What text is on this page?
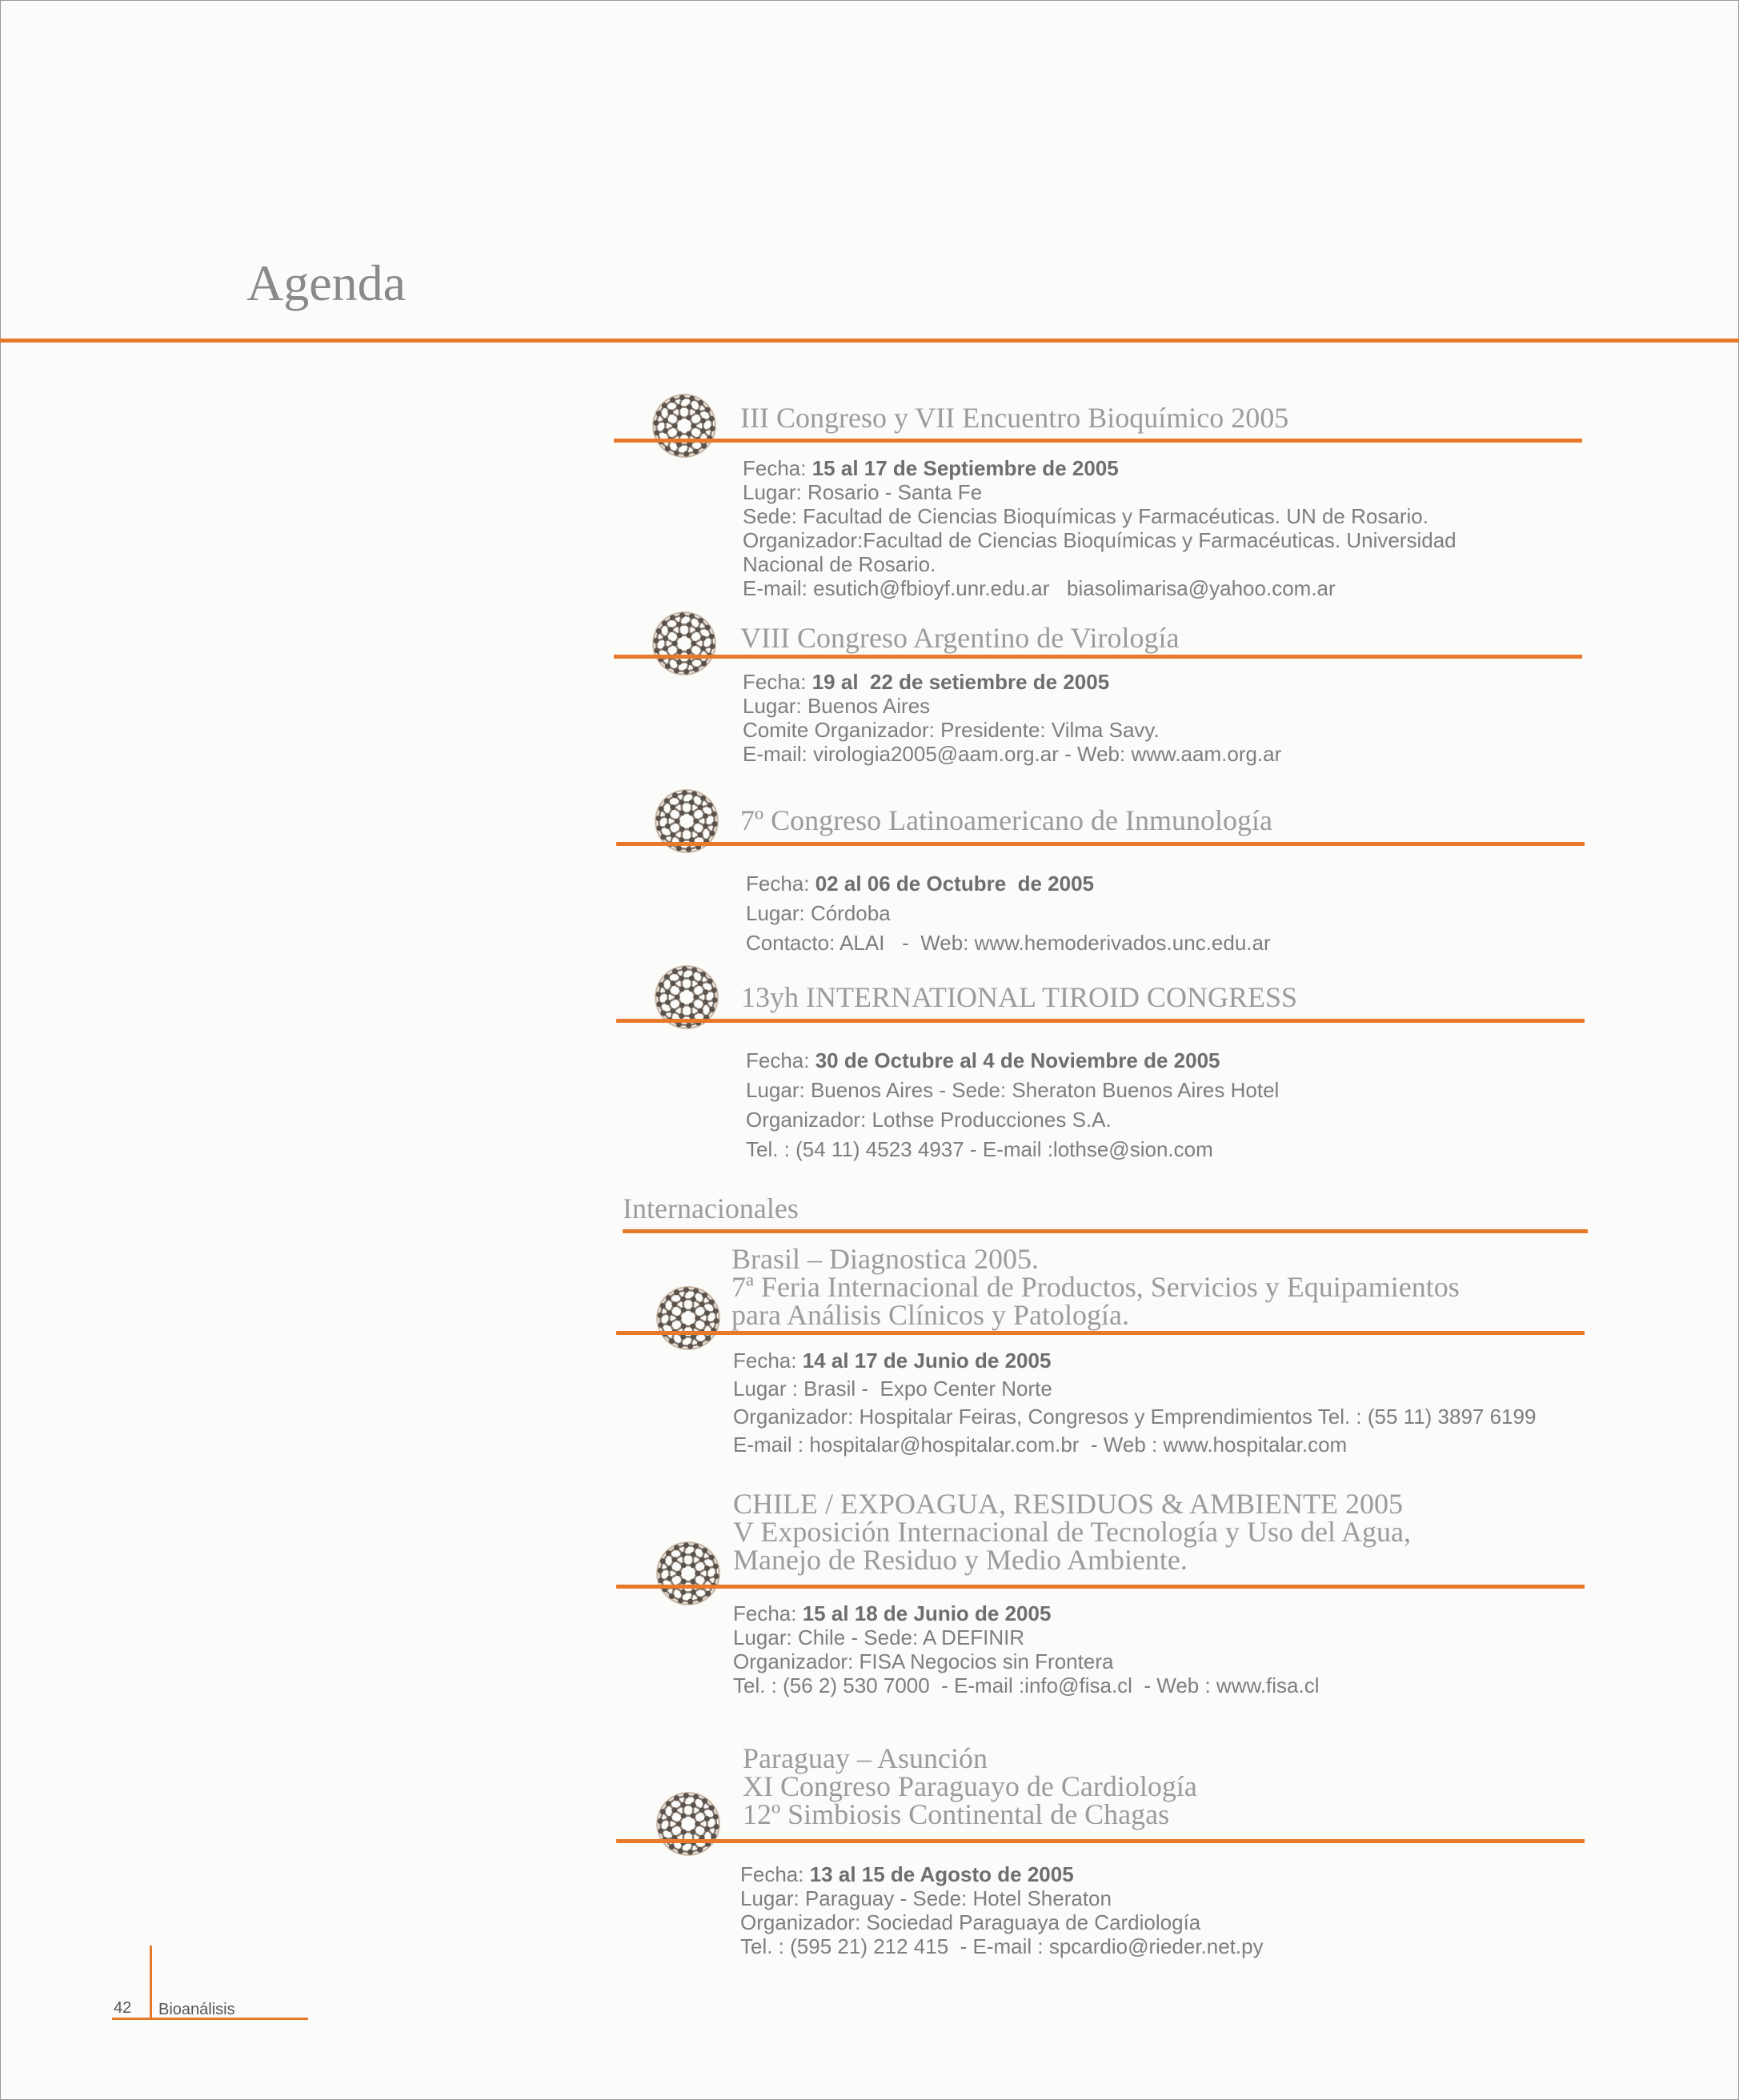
Agenda
III Congreso y VII Encuentro Bioquímico 2005
Fecha: 15 al 17 de Septiembre de 2005
Lugar: Rosario - Santa Fe
Sede: Facultad de Ciencias Bioquímicas y Farmacéuticas. UN de Rosario.
Organizador:Facultad de Ciencias Bioquímicas y Farmacéuticas. Universidad
Nacional de Rosario.
E-mail: esutich@fbioyf.unr.edu.ar   biasolimarisa@yahoo.com.ar
VIII Congreso Argentino de Virología
Fecha: 19 al  22 de setiembre de 2005
Lugar: Buenos Aires
Comite Organizador: Presidente: Vilma Savy.
E-mail: virologia2005@aam.org.ar - Web: www.aam.org.ar
7º Congreso Latinoamericano de Inmunología
Fecha: 02 al 06 de Octubre  de 2005
Lugar: Córdoba
Contacto: ALAI   -  Web: www.hemoderivados.unc.edu.ar
13yh INTERNATIONAL TIROID CONGRESS
Fecha: 30 de Octubre al 4 de Noviembre de 2005
Lugar: Buenos Aires - Sede: Sheraton Buenos Aires Hotel
Organizador: Lothse Producciones S.A.
Tel. : (54 11) 4523 4937 - E-mail :lothse@sion.com
Internacionales
Brasil – Diagnostica 2005.
7ª Feria Internacional de Productos, Servicios y Equipamientos
para Análisis Clínicos y Patología.
Fecha: 14 al 17 de Junio de 2005
Lugar : Brasil -  Expo Center Norte
Organizador: Hospitalar Feiras, Congresos y Emprendimientos Tel. : (55 11) 3897 6199
E-mail : hospitalar@hospitalar.com.br  - Web : www.hospitalar.com
CHILE / EXPOAGUA, RESIDUOS & AMBIENTE 2005
V Exposición Internacional de Tecnología y Uso del Agua,
Manejo de Residuo y Medio Ambiente.
Fecha: 15 al 18 de Junio de 2005
Lugar: Chile - Sede: A DEFINIR
Organizador: FISA Negocios sin Frontera
Tel. : (56 2) 530 7000  - E-mail :info@fisa.cl  - Web : www.fisa.cl
Paraguay – Asunción
XI Congreso Paraguayo de Cardiología
12º Simbiosis Continental de Chagas
Fecha: 13 al 15 de Agosto de 2005
Lugar: Paraguay - Sede: Hotel Sheraton
Organizador: Sociedad Paraguaya de Cardiología
Tel. : (595 21) 212 415  - E-mail : spcardio@rieder.net.py
42 Bioanálisis
